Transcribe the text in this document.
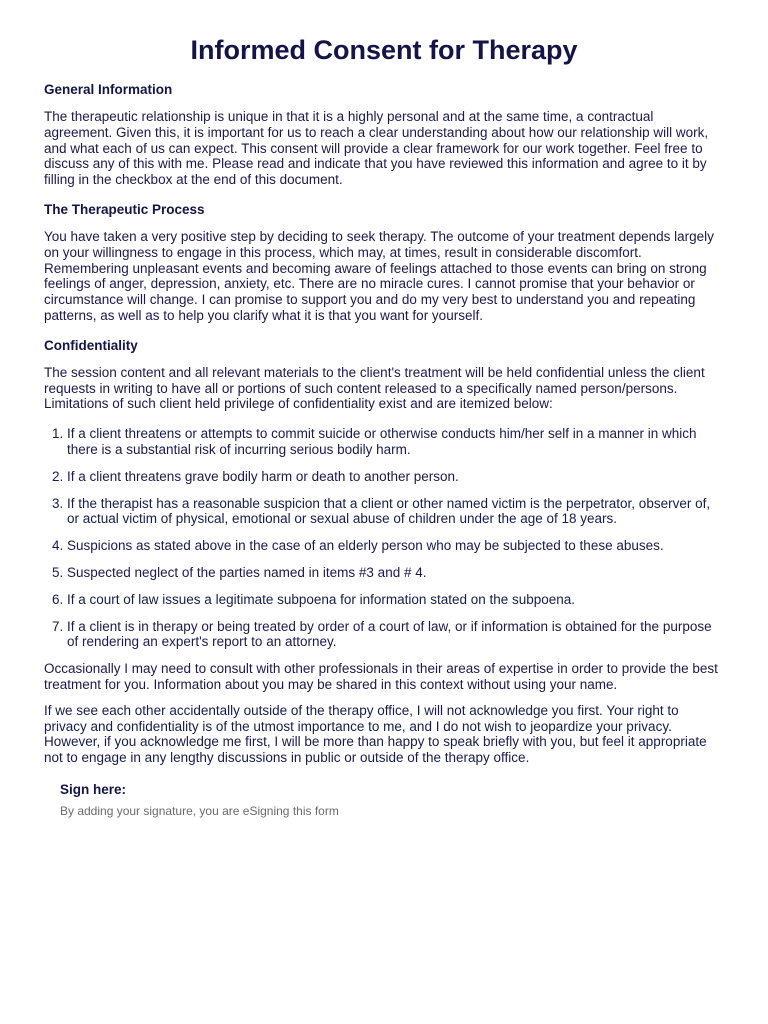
Informed Consent for Therapy
General Information

The therapeutic relationship is unique in that it is a highly personal and at the same time, a contractual agreement. Given this, it is important for us to reach a clear understanding about how our relationship will work, and what each of us can expect. This consent will provide a clear framework for our work together. Feel free to discuss any of this with me. Please read and indicate that you have reviewed this information and agree to it by filling in the checkbox at the end of this document.

The Therapeutic Process

You have taken a very positive step by deciding to seek therapy. The outcome of your treatment depends largely on your willingness to engage in this process, which may, at times, result in considerable discomfort. Remembering unpleasant events and becoming aware of feelings attached to those events can bring on strong feelings of anger, depression, anxiety, etc. There are no miracle cures. I cannot promise that your behavior or circumstance will change. I can promise to support you and do my very best to understand you and repeating patterns, as well as to help you clarify what it is that you want for yourself.

Confidentiality

The session content and all relevant materials to the client's treatment will be held confidential unless the client requests in writing to have all or portions of such content released to a specifically named person/persons. Limitations of such client held privilege of confidentiality exist and are itemized below:

1. If a client threatens or attempts to commit suicide or otherwise conducts him/her self in a manner in which there is a substantial risk of incurring serious bodily harm.
2. If a client threatens grave bodily harm or death to another person.
3. If the therapist has a reasonable suspicion that a client or other named victim is the perpetrator, observer of, or actual victim of physical, emotional or sexual abuse of children under the age of 18 years.
4. Suspicions as stated above in the case of an elderly person who may be subjected to these abuses.
5. Suspected neglect of the parties named in items #3 and # 4.
6. If a court of law issues a legitimate subpoena for information stated on the subpoena.
7. If a client is in therapy or being treated by order of a court of law, or if information is obtained for the purpose of rendering an expert's report to an attorney.

Occasionally I may need to consult with other professionals in their areas of expertise in order to provide the best treatment for you. Information about you may be shared in this context without using your name.

If we see each other accidentally outside of the therapy office, I will not acknowledge you first. Your right to privacy and confidentiality is of the utmost importance to me, and I do not wish to jeopardize your privacy. However, if you acknowledge me first, I will be more than happy to speak briefly with you, but feel it appropriate not to engage in any lengthy discussions in public or outside of the therapy office.

Sign here:
By adding your signature, you are eSigning this form
